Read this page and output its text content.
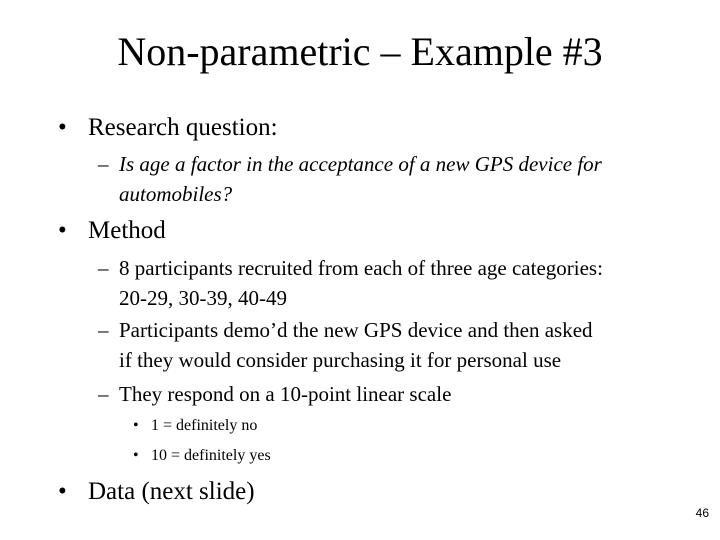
Non-parametric – Example #3
• Research question:
– Is age a factor in the acceptance of a new GPS device for
automobiles?
• Method
– 8 participants recruited from each of three age categories:
20-29, 30-39, 40-49
– Participants demo’d the new GPS device and then asked
if they would consider purchasing it for personal use
– They respond on a 10-point linear scale
• 1 = definitely no
• 10 = definitely yes
• Data (next slide)
46
